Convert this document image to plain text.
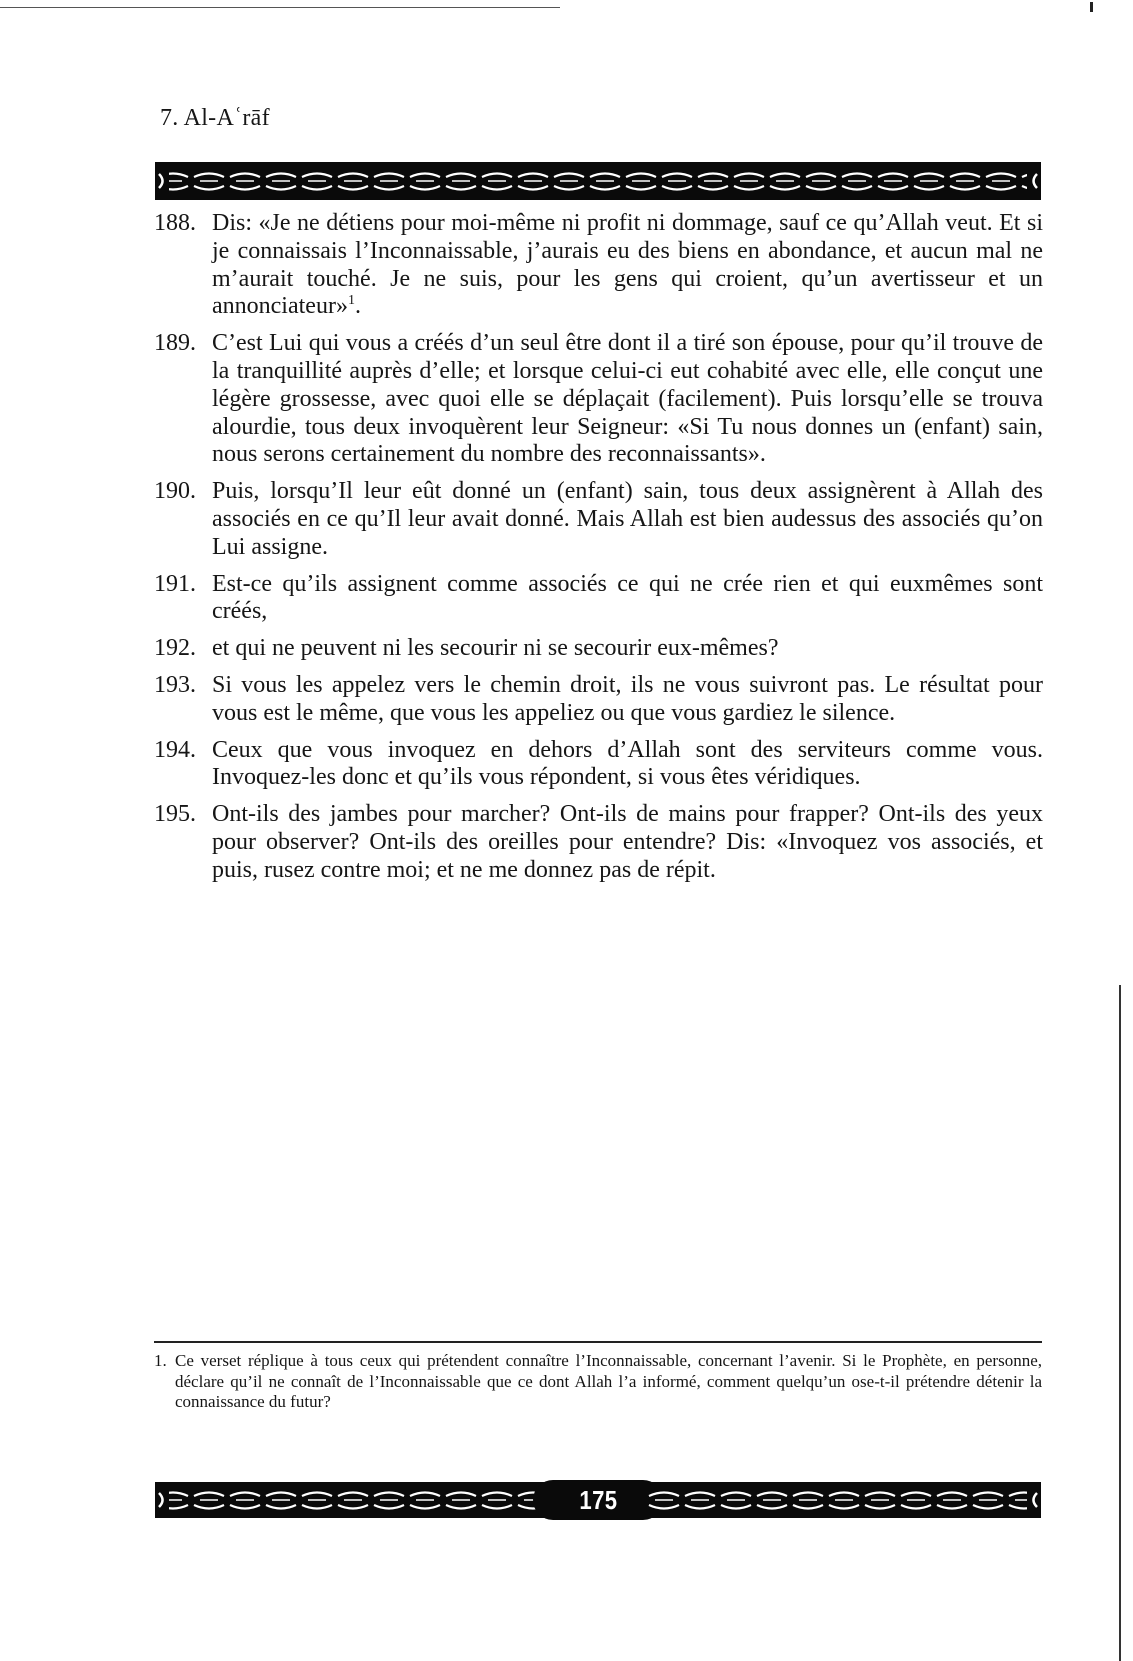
7. Al-Aʿrāf
188. Dis: «Je ne détiens pour moi-même ni profit ni dommage, sauf ce qu’Allah veut. Et si je connaissais l’Inconnaissable, j’aurais eu des biens en abondance, et aucun mal ne m’aurait touché. Je ne suis, pour les gens qui croient, qu’un avertisseur et un annonciateur»$^1$.
189. C’est Lui qui vous a créés d’un seul être dont il a tiré son épouse, pour qu’il trouve de la tranquillité auprès d’elle; et lorsque celui-ci eut cohabité avec elle, elle conçut une légère grossesse, avec quoi elle se déplaçait (facilement). Puis lorsqu’elle se trouva alourdie, tous deux invoquèrent leur Seigneur: «Si Tu nous donnes un (enfant) sain, nous serons certainement du nombre des reconnaissants».
190. Puis, lorsqu’Il leur eût donné un (enfant) sain, tous deux assignèrent à Allah des associés en ce qu’Il leur avait donné. Mais Allah est bien audessus des associés qu’on Lui assigne.
191. Est-ce qu’ils assignent comme associés ce qui ne crée rien et qui euxmêmes sont créés,
192. et qui ne peuvent ni les secourir ni se secourir eux-mêmes?
193. Si vous les appelez vers le chemin droit, ils ne vous suivront pas. Le résultat pour vous est le même, que vous les appeliez ou que vous gardiez le silence.
194. Ceux que vous invoquez en dehors d’Allah sont des serviteurs comme vous. Invoquez-les donc et qu’ils vous répondent, si vous êtes véridiques.
195. Ont-ils des jambes pour marcher? Ont-ils de mains pour frapper? Ont-ils des yeux pour observer? Ont-ils des oreilles pour entendre? Dis: «Invoquez vos associés, et puis, rusez contre moi; et ne me donnez pas de répit.
1. Ce verset réplique à tous ceux qui prétendent connaître l’Inconnaissable, concernant l’avenir. Si le Prophète, en personne, déclare qu’il ne connaît de l’Inconnaissable que ce dont Allah l’a informé, comment quelqu’un ose-t-il prétendre détenir la connaissance du futur?
175
